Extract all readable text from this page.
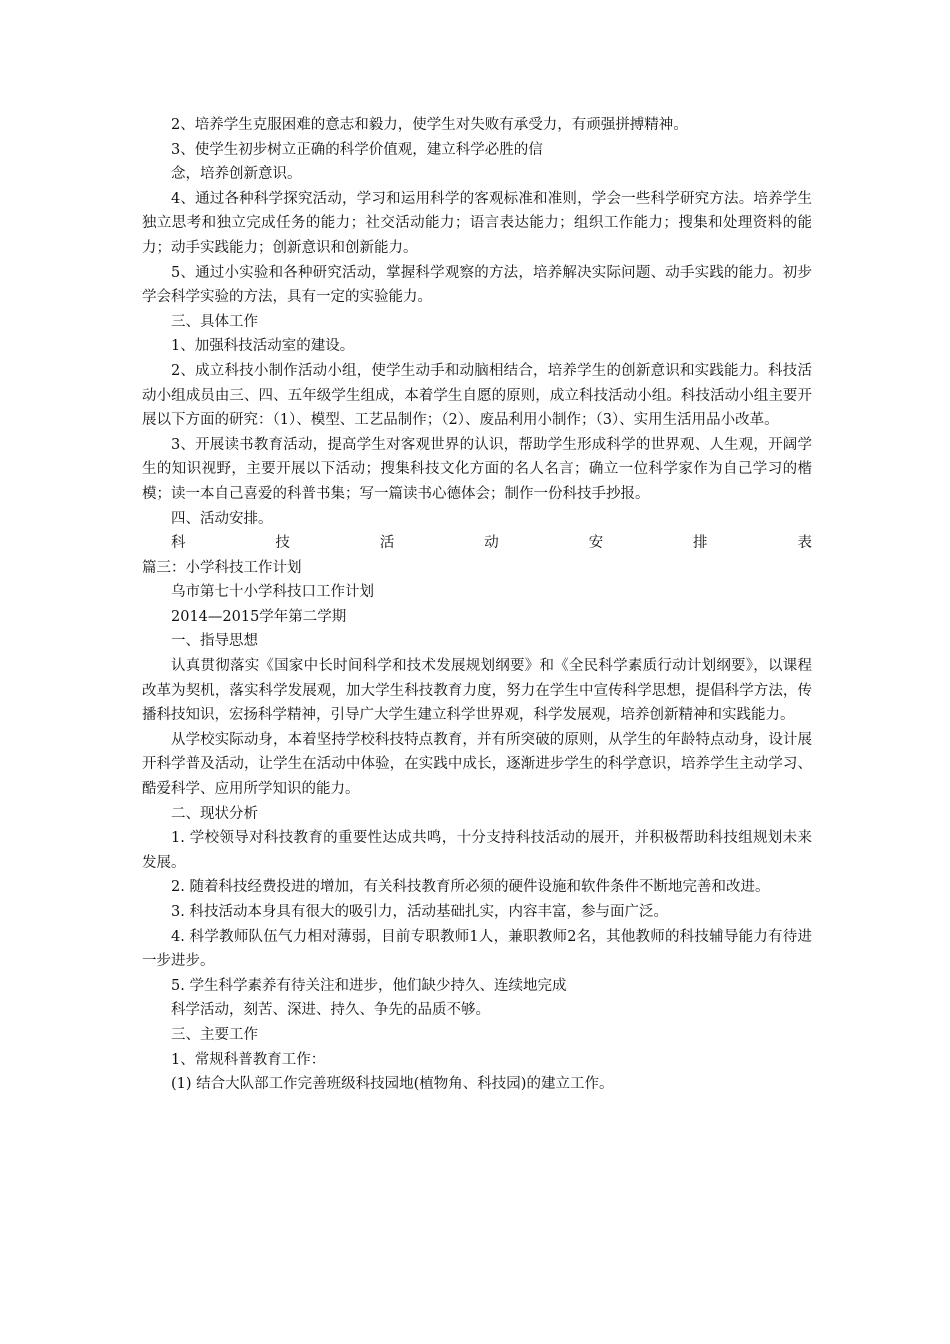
2、培养学生克服困难的意志和毅力，使学生对失败有承受力，有顽强拼搏精神。

3、使学生初步树立正确的科学价值观，建立科学必胜的信

念，培养创新意识。

4、通过各种科学探究活动，学习和运用科学的客观标准和准则，学会一些科学研究方法。培养学生独立思考和独立完成任务的能力；社交活动能力；语言表达能力；组织工作能力；搜集和处理资料的能力；动手实践能力；创新意识和创新能力。

5、通过小实验和各种研究活动，掌握科学观察的方法，培养解决实际问题、动手实践的能力。初步学会科学实验的方法，具有一定的实验能力。

三、具体工作

1、加强科技活动室的建设。

2、成立科技小制作活动小组，使学生动手和动脑相结合，培养学生的创新意识和实践能力。科技活动小组成员由三、四、五年级学生组成，本着学生自愿的原则，成立科技活动小组。科技活动小组主要开展以下方面的研究：（1）、模型、工艺品制作；（2）、废品利用小制作；（3）、实用生活用品小改革。

3、开展读书教育活动，提高学生对客观世界的认识，帮助学生形成科学的世界观、人生观，开阔学生的知识视野，主要开展以下活动；搜集科技文化方面的名人名言；确立一位科学家作为自己学习的楷模；读一本自己喜爱的科普书集；写一篇读书心德体会；制作一份科技手抄报。

四、活动安排。

科	技	活	动	安	排	表

篇三：小学科技工作计划

乌市第七十小学科技口工作计划

2014—2015学年第二学期

一、指导思想

认真贯彻落实《国家中长时间科学和技术发展规划纲要》和《全民科学素质行动计划纲要》，以课程改革为契机，落实科学发展观，加大学生科技教育力度，努力在学生中宣传科学思想，提倡科学方法，传播科技知识，宏扬科学精神，引导广大学生建立科学世界观，科学发展观，培养创新精神和实践能力。

从学校实际动身，本着坚持学校科技特点教育，并有所突破的原则，从学生的年龄特点动身，设计展开科学普及活动，让学生在活动中体验，在实践中成长，逐渐进步学生的科学意识，培养学生主动学习、酷爱科学、应用所学知识的能力。

二、现状分析

1. 学校领导对科技教育的重要性达成共鸣，十分支持科技活动的展开，并积极帮助科技组规划未来发展。

2. 随着科技经费投进的增加，有关科技教育所必须的硬件设施和软件条件不断地完善和改进。

3. 科技活动本身具有很大的吸引力，活动基础扎实，内容丰富，参与面广泛。

4. 科学教师队伍气力相对薄弱，目前专职教师1人，兼职教师2名，其他教师的科技辅导能力有待进一步进步。

5. 学生科学素养有待关注和进步，他们缺少持久、连续地完成

科学活动，刻苦、深进、持久、争先的品质不够。

三、主要工作

1、常规科普教育工作：

(1) 结合大队部工作完善班级科技园地(植物角、科技园)的建立工作。
